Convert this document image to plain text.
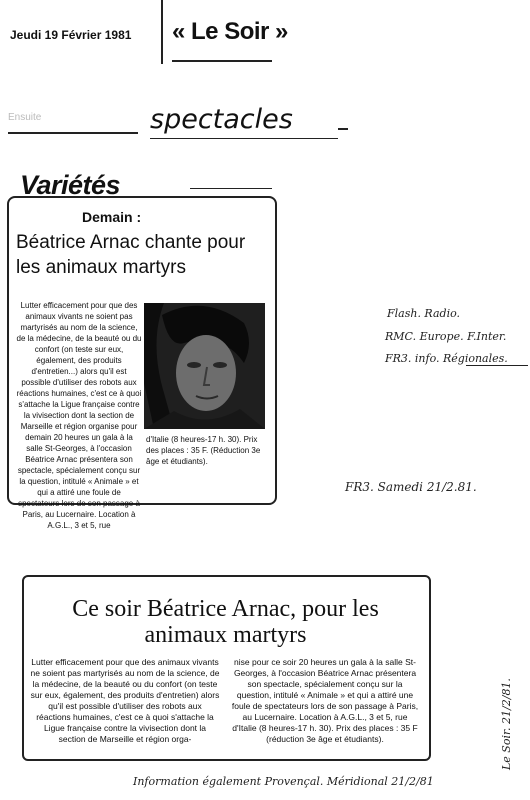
Jeudi 19 Février 1981 « Le Soir »
Ensuite	spectacles
Variétés
Demain :
Béatrice Arnac chante pour les animaux martyrs
Lutter efficacement pour que des animaux vivants ne soient pas martyrisés au nom de la science, de la médecine, de la beauté ou du confort (on teste sur eux, également, des produits d'entretien...) alors qu'il est possible d'utiliser des robots aux réactions humaines, c'est ce à quoi s'attache la Ligue française contre la vivisection dont la section de Marseille et région organise pour demain 20 heures un gala à la salle St-Georges, à l'occasion Béatrice Arnac présentera son spectacle, spécialement conçu sur la question, intitulé « Animale » et qui a attiré une foule de spectateurs lors de son passage à Paris, au Lucernaire. Location à A.G.L., 3 et 5, rue
d'Italie (8 heures-17 h. 30). Prix des places : 35 F. (Réduction 3e âge et étudiants).
Flash. Radio.
RMC. Europe. F.Inter.
FR3. info. Régionales.
FR3. Samedi 21/2.81.
Le Soir. 21/2/81.
Information également Provençal. Méridional 21/2/81
Ce soir Béatrice Arnac, pour les animaux martyrs
Lutter efficacement pour que des animaux vivants ne soient pas martyrisés au nom de la science, de la médecine, de la beauté ou du confort (on teste sur eux, également, des produits d'entretien) alors qu'il est possible d'utiliser des robots aux réactions humaines, c'est ce à quoi s'attache la Ligue française contre la vivisection dont la section de Marseille et région orga-
nise pour ce soir 20 heures un gala à la salle St-Georges, à l'occasion Béatrice Arnac présentera son spectacle, spécialement conçu sur la question, intitulé « Animale » et qui a attiré une foule de spectateurs lors de son passage à Paris, au Lucernaire. Location à A.G.L., 3 et 5, rue d'Italie (8 heures-17 h. 30). Prix des places : 35 F (réduction 3e âge et étudiants).
